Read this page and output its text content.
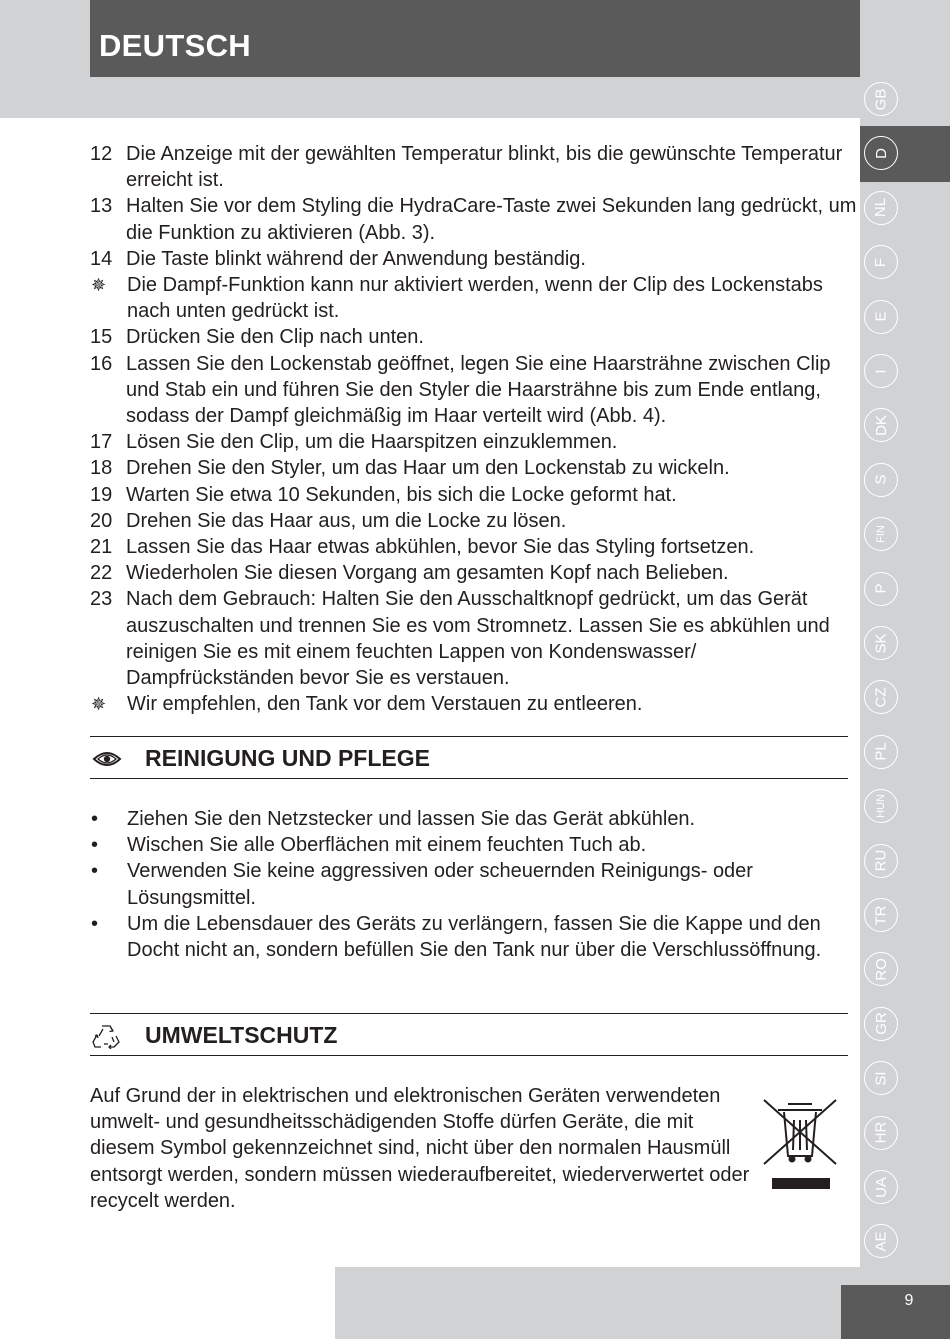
DEUTSCH
GB
D
NL
F
E
I
DK
S
FIN
P
SK
CZ
PL
HUN
RU
TR
RO
GR
SI
HR
UA
AE
12 Die Anzeige mit der gewählten Temperatur blinkt, bis die gewünschte Temperatur erreicht ist.
13 Halten Sie vor dem Styling die HydraCare-Taste zwei Sekunden lang gedrückt, um die Funktion zu aktivieren (Abb. 3).
14 Die Taste blinkt während der Anwendung beständig.
✵	Die Dampf-Funktion kann nur aktiviert werden, wenn der Clip des Lockenstabs nach unten gedrückt ist.
15 Drücken Sie den Clip nach unten.
16 Lassen Sie den Lockenstab geöffnet, legen Sie eine Haarsträhne zwischen Clip und Stab ein und führen Sie den Styler die Haarsträhne bis zum Ende entlang, sodass der Dampf gleichmäßig im Haar verteilt wird (Abb. 4).
17 Lösen Sie den Clip, um die Haarspitzen einzuklemmen.
18 Drehen Sie den Styler, um das Haar um den Lockenstab zu wickeln.
19 Warten Sie etwa 10 Sekunden, bis sich die Locke geformt hat.
20 Drehen Sie das Haar aus, um die Locke zu lösen.
21 Lassen Sie das Haar etwas abkühlen, bevor Sie das Styling fortsetzen.
22 Wiederholen Sie diesen Vorgang am gesamten Kopf nach Belieben.
23 Nach dem Gebrauch: Halten Sie den Ausschaltknopf gedrückt, um das Gerät auszuschalten und trennen Sie es vom Stromnetz. Lassen Sie es abkühlen und reinigen Sie es mit einem feuchten Lappen von Kondenswasser/ Dampfrückständen bevor Sie es verstauen.
✵	Wir empfehlen, den Tank vor dem Verstauen zu entleeren.
REINIGUNG UND PFLEGE
•	Ziehen Sie den Netzstecker und lassen Sie das Gerät abkühlen.
•	Wischen Sie alle Oberflächen mit einem feuchten Tuch ab.
•	Verwenden Sie keine aggressiven oder scheuernden Reinigungs- oder Lösungsmittel.
•	Um die Lebensdauer des Geräts zu verlängern, fassen Sie die Kappe und den Docht nicht an, sondern befüllen Sie den Tank nur über die Verschlussöffnung.
UMWELTSCHUTZ
Auf Grund der in elektrischen und elektronischen Geräten verwendeten umwelt- und gesundheitsschädigenden Stoffe dürfen Geräte, die mit diesem Symbol gekennzeichnet sind, nicht über den normalen Hausmüll entsorgt werden, sondern müssen wiederaufbereitet, wiederverwertet oder recycelt werden.
9
